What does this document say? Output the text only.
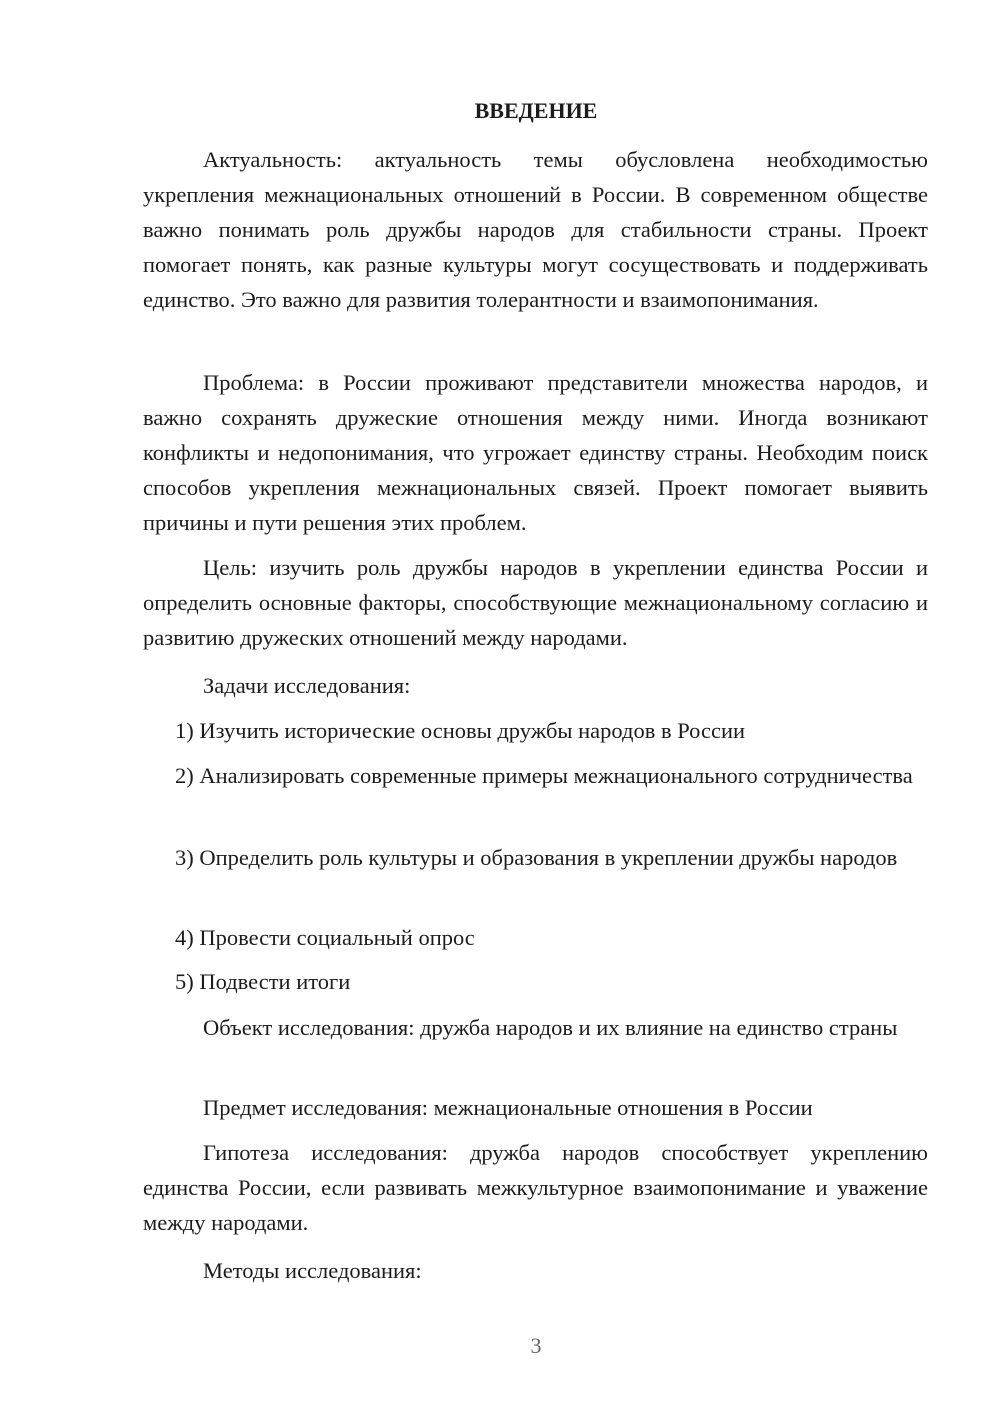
ВВЕДЕНИЕ

Актуальность: актуальность темы обусловлена необходимостью укрепления межнациональных отношений в России. В современном обществе важно понимать роль дружбы народов для стабильности страны. Проект помогает понять, как разные культуры могут сосуществовать и поддерживать единство. Это важно для развития толерантности и взаимопонимания.

Проблема: в России проживают представители множества народов, и важно сохранять дружеские отношения между ними. Иногда возникают конфликты и недопонимания, что угрожает единству страны. Необходим поиск способов укрепления межнациональных связей. Проект помогает выявить причины и пути решения этих проблем.

Цель: изучить роль дружбы народов в укреплении единства России и определить основные факторы, способствующие межнациональному согласию и развитию дружеских отношений между народами.

Задачи исследования:

1) Изучить исторические основы дружбы народов в России

2) Анализировать современные примеры межнационального сотрудничества

3) Определить роль культуры и образования в укреплении дружбы народов

4) Провести социальный опрос

5) Подвести итоги

Объект исследования: дружба народов и их влияние на единство страны

Предмет исследования: межнациональные отношения в России

Гипотеза исследования: дружба народов способствует укреплению единства России, если развивать межкультурное взаимопонимание и уважение между народами.

Методы исследования:

3
